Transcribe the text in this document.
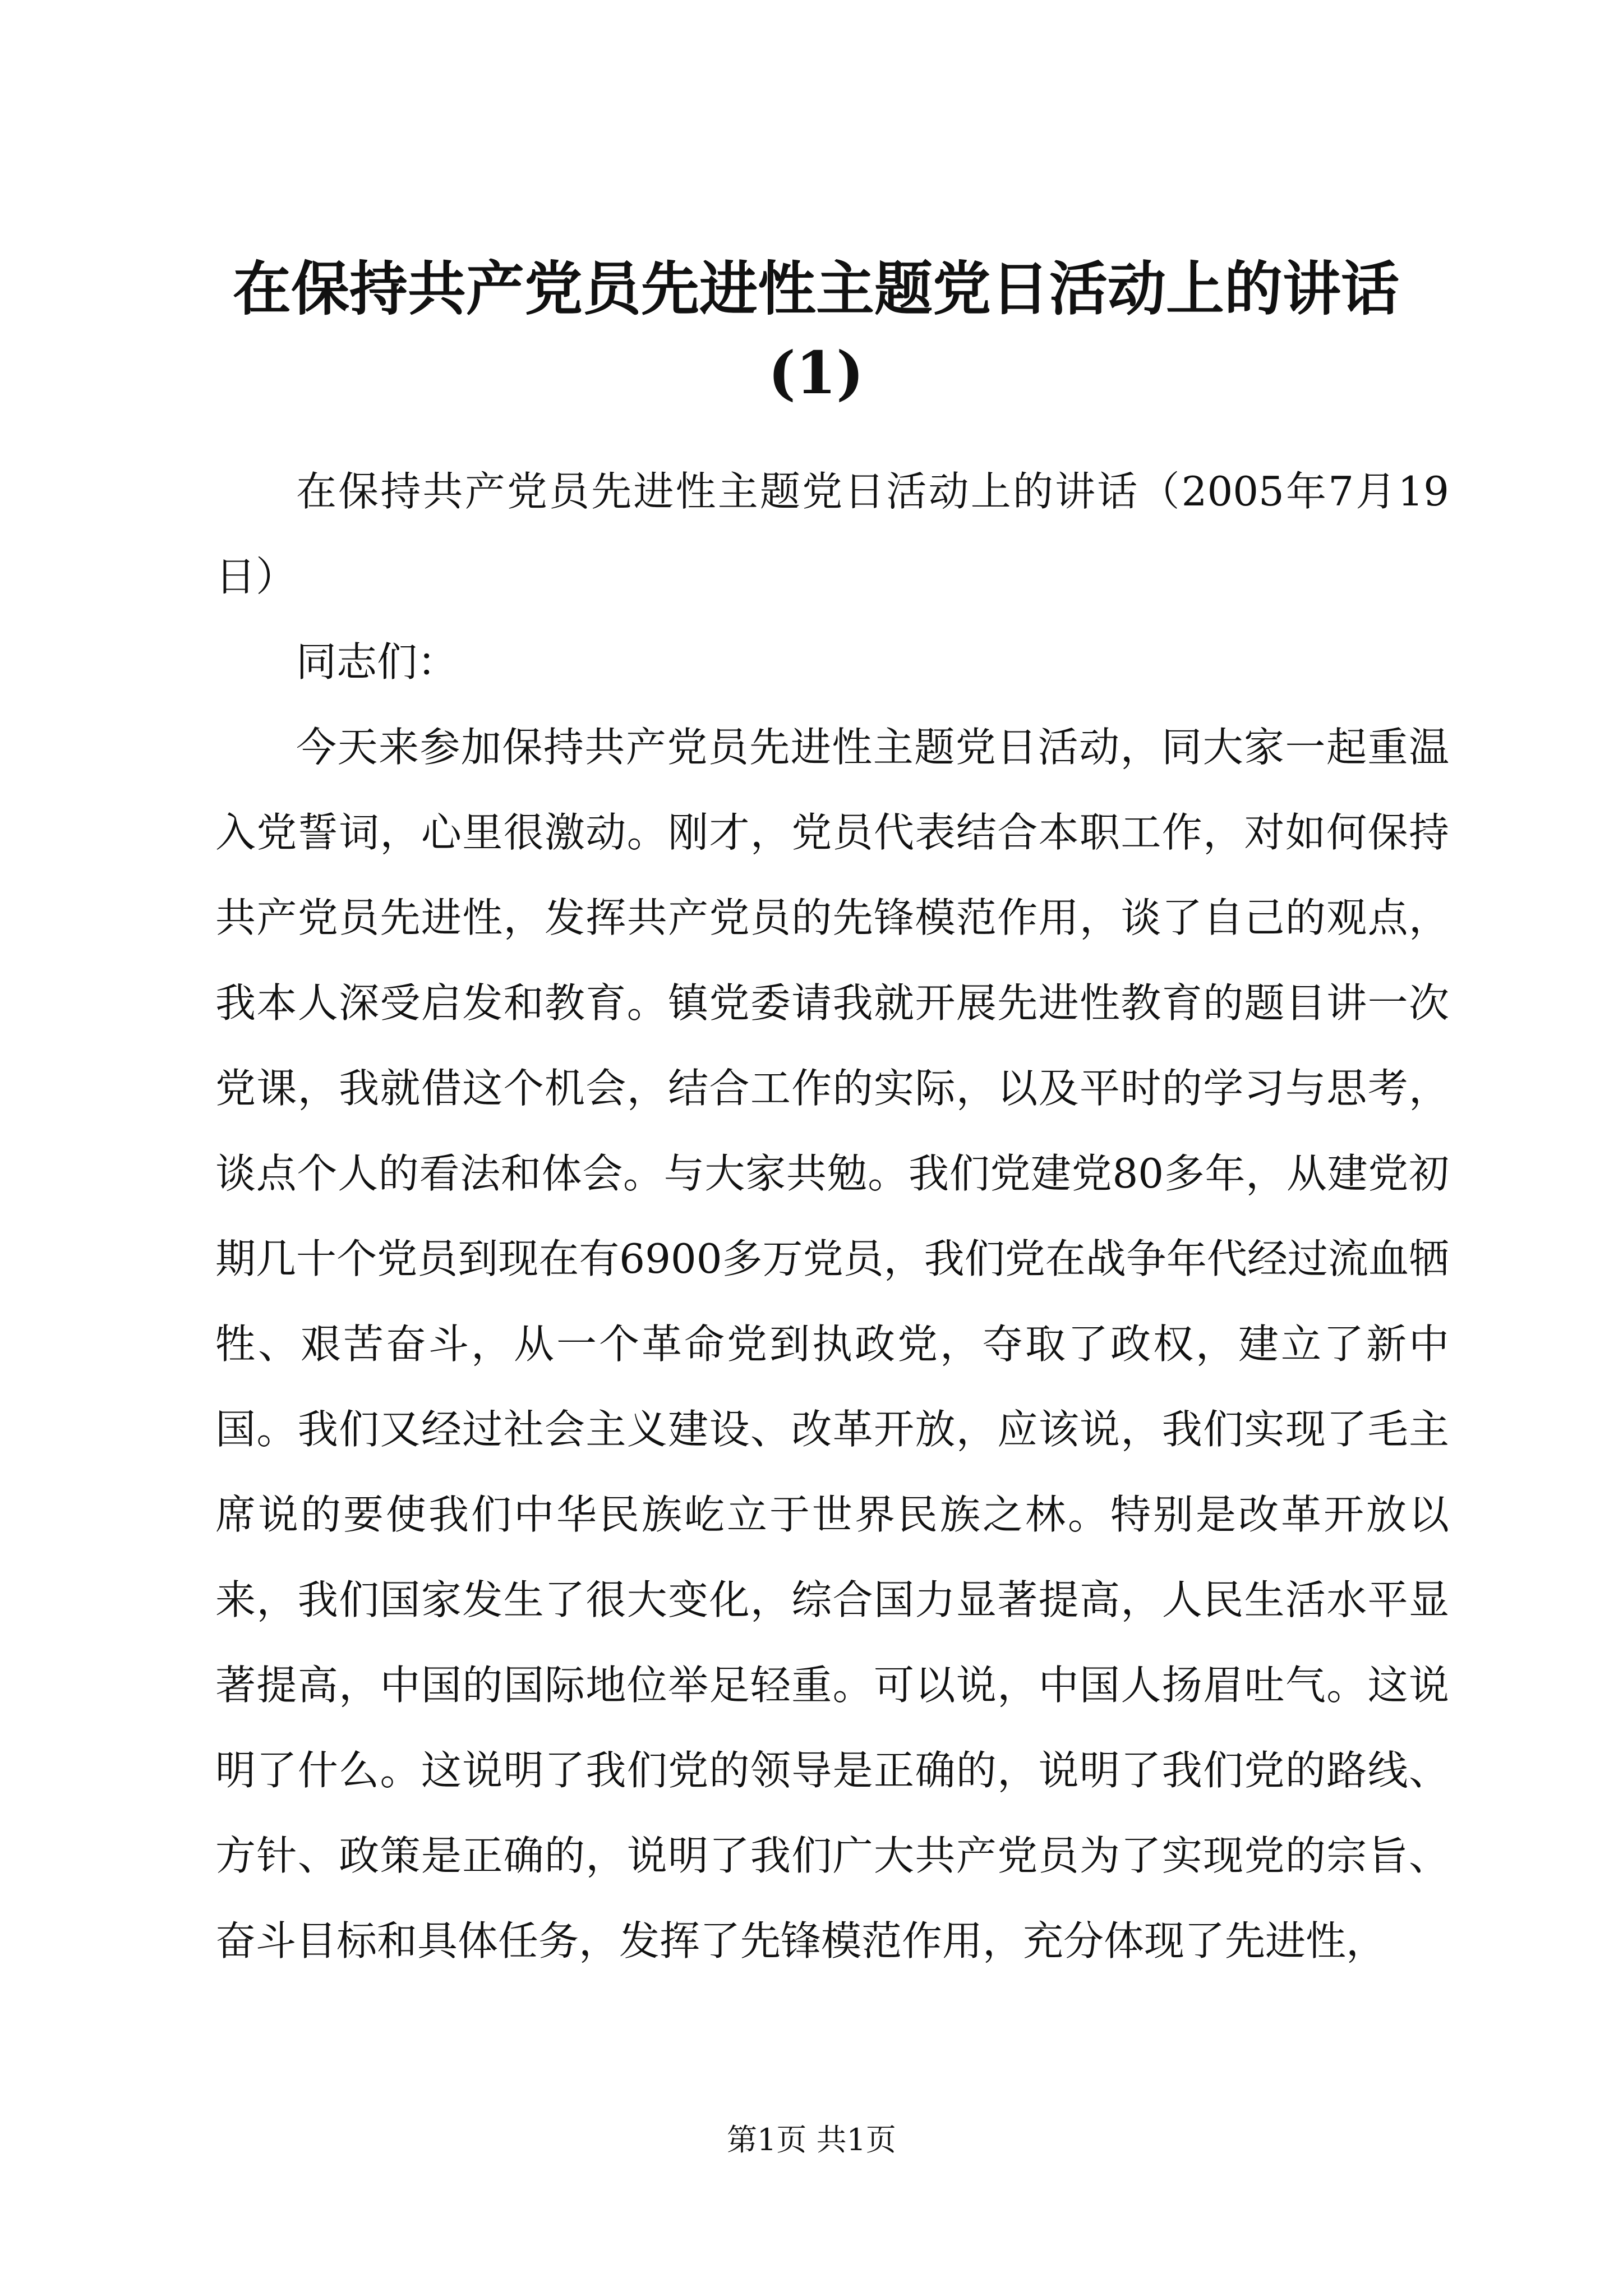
在保持共产党员先进性主题党日活动上的讲话(1)

在保持共产党员先进性主题党日活动上的讲话（2005年7月19日）

同志们：

今天来参加保持共产党员先进性主题党日活动，同大家一起重温入党誓词，心里很激动。刚才，党员代表结合本职工作，对如何保持共产党员先进性，发挥共产党员的先锋模范作用，谈了自己的观点，我本人深受启发和教育。镇党委请我就开展先进性教育的题目讲一次党课，我就借这个机会，结合工作的实际，以及平时的学习与思考，谈点个人的看法和体会。与大家共勉。我们党建党80多年，从建党初期几十个党员到现在有6900多万党员，我们党在战争年代经过流血牺牲、艰苦奋斗，从一个革命党到执政党，夺取了政权，建立了新中国。我们又经过社会主义建设、改革开放，应该说，我们实现了毛主席说的要使我们中华民族屹立于世界民族之林。特别是改革开放以来，我们国家发生了很大变化，综合国力显著提高，人民生活水平显著提高，中国的国际地位举足轻重。可以说，中国人扬眉吐气。这说明了什么。这说明了我们党的领导是正确的，说明了我们党的路线、方针、政策是正确的，说明了我们广大共产党员为了实现党的宗旨、奋斗目标和具体任务，发挥了先锋模范作用，充分体现了先进性，

第1页 共1页
